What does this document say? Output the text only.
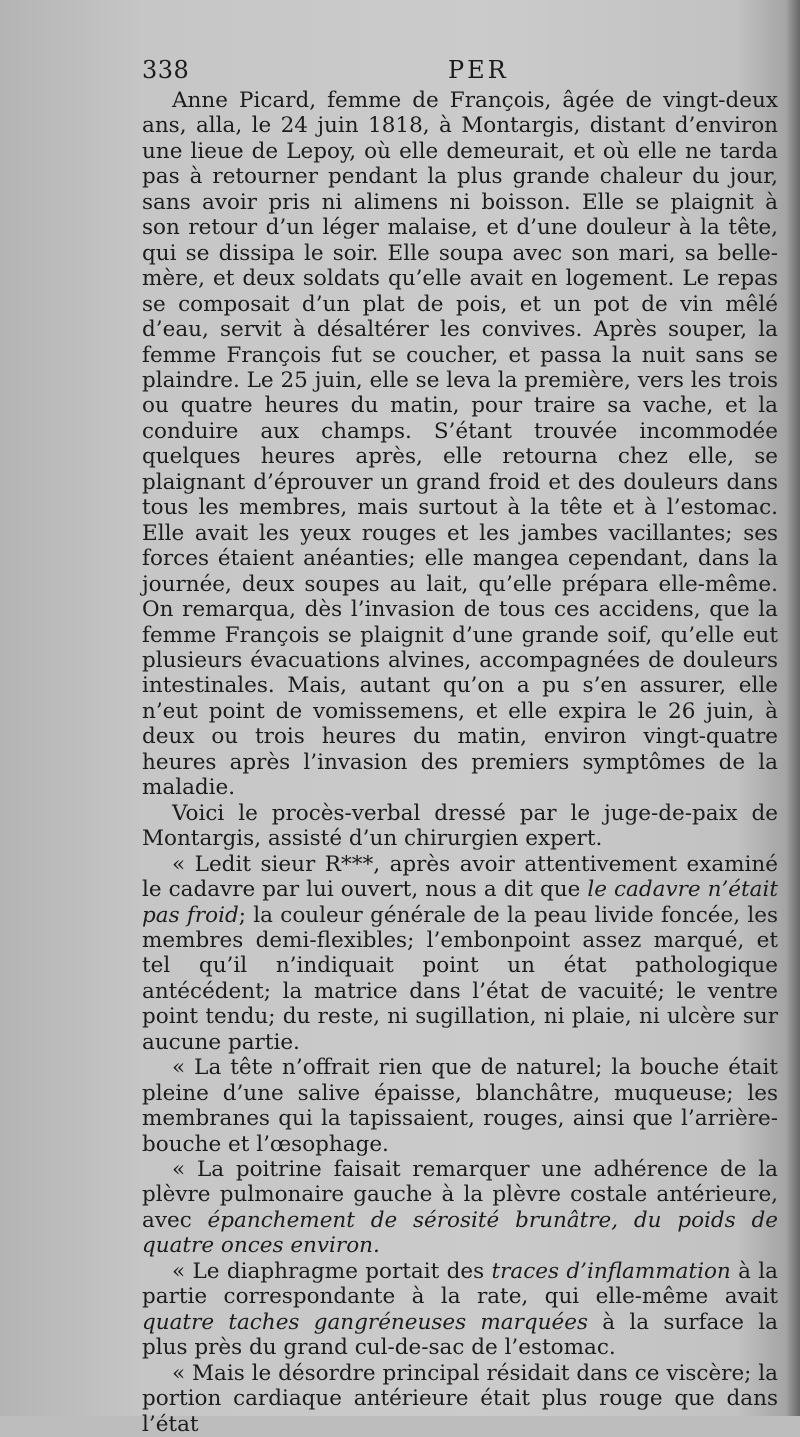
338	PER

Anne Picard, femme de François, âgée de vingt-deux ans, alla, le 24 juin 1818, à Montargis, distant d’environ une lieue de Lepoy, où elle demeurait, et où elle ne tarda pas à retourner pendant la plus grande chaleur du jour, sans avoir pris ni alimens ni boisson. Elle se plaignit à son retour d’un léger malaise, et d’une douleur à la tête, qui se dissipa le soir. Elle soupa avec son mari, sa belle-mère, et deux soldats qu’elle avait en logement. Le repas se composait d’un plat de pois, et un pot de vin mêlé d’eau, servit à désaltérer les convives. Après souper, la femme François fut se coucher, et passa la nuit sans se plaindre. Le 25 juin, elle se leva la première, vers les trois ou quatre heures du matin, pour traire sa vache, et la conduire aux champs. S’étant trouvée incommodée quelques heures après, elle retourna chez elle, se plaignant d’éprouver un grand froid et des douleurs dans tous les membres, mais surtout à la tête et à l’estomac. Elle avait les yeux rouges et les jambes vacillantes; ses forces étaient anéanties; elle mangea cependant, dans la journée, deux soupes au lait, qu’elle prépara elle-même. On remarqua, dès l’invasion de tous ces accidens, que la femme François se plaignit d’une grande soif, qu’elle eut plusieurs évacuations alvines, accompagnées de douleurs intestinales. Mais, autant qu’on a pu s’en assurer, elle n’eut point de vomissemens, et elle expira le 26 juin, à deux ou trois heures du matin, environ vingt-quatre heures après l’invasion des premiers symptômes de la maladie.

Voici le procès-verbal dressé par le juge-de-paix de Montargis, assisté d’un chirurgien expert.

« Ledit sieur R***, après avoir attentivement examiné le cadavre par lui ouvert, nous a dit que le cadavre n’était pas froid; la couleur générale de la peau livide foncée, les membres demi-flexibles; l’embonpoint assez marqué, et tel qu’il n’indiquait point un état pathologique antécédent; la matrice dans l’état de vacuité; le ventre point tendu; du reste, ni sugillation, ni plaie, ni ulcère sur aucune partie.

« La tête n’offrait rien que de naturel; la bouche était pleine d’une salive épaisse, blanchâtre, muqueuse; les membranes qui la tapissaient, rouges, ainsi que l’arrière-bouche et l’œsophage.

« La poitrine faisait remarquer une adhérence de la plèvre pulmonaire gauche à la plèvre costale antérieure, avec épanchement de sérosité brunâtre, du poids de quatre onces environ.

« Le diaphragme portait des traces d’inflammation à la partie correspondante à la rate, qui elle-même avait quatre taches gangréneuses marquées à la surface la plus près du grand cul-de-sac de l’estomac.

« Mais le désordre principal résidait dans ce viscère; la portion cardiaque antérieure était plus rouge que dans l’état
